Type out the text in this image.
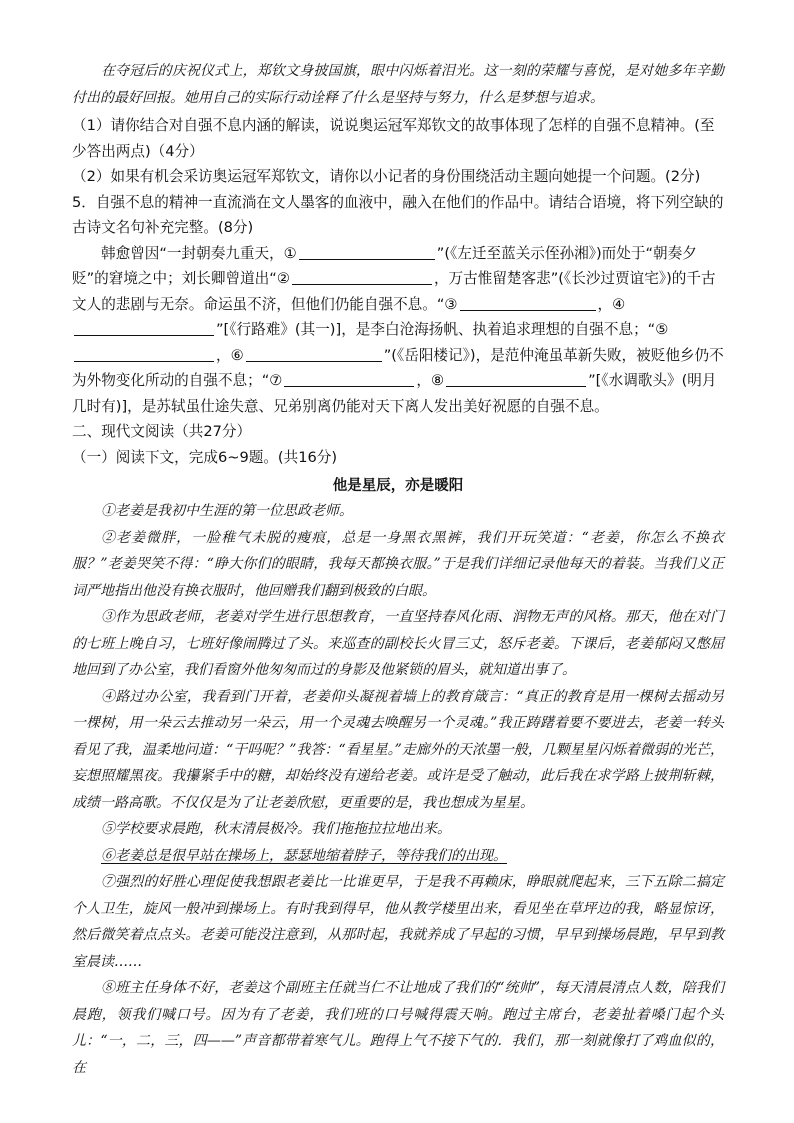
在夺冠后的庆祝仪式上，郑钦文身披国旗，眼中闪烁着泪光。这一刻的荣耀与喜悦，是对她多年辛勤付出的最好回报。她用自己的实际行动诠释了什么是坚持与努力，什么是梦想与追求。

（1）请你结合对自强不息内涵的解读，说说奥运冠军郑钦文的故事体现了怎样的自强不息精神。(至少答出两点)（4分）

（2）如果有机会采访奥运冠军郑钦文，请你以小记者的身份围绕活动主题向她提一个问题。(2分)

5．自强不息的精神一直流淌在文人墨客的血液中，融入在他们的作品中。请结合语境，将下列空缺的古诗文名句补充完整。(8分)

韩愈曾因“一封朝奏九重天，①	”(《左迁至蓝关示侄孙湘》)而处于“朝奏夕贬”的窘境之中；刘长卿曾道出“②	，万古惟留楚客悲”(《长沙过贾谊宅》)的千古文人的悲剧与无奈。命运虽不济，但他们仍能自强不息。“③	，④”[《行路难》(其一)]，是李白沧海扬帆、执着追求理想的自强不息；“⑤，⑥	”(《岳阳楼记》)，是范仲淹虽革新失败，被贬他乡仍不为外物变化所动的自强不息；“⑦	，⑧	”[《水调歌头》(明月几时有)]，是苏轼虽仕途失意、兄弟别离仍能对天下离人发出美好祝愿的自强不息。

二、现代文阅读（共27分）

（一）阅读下文，完成6~9题。(共16分)

他是星辰，亦是暖阳

①老姜是我初中生涯的第一位思政老师。

②老姜微胖，一脸稚气未脱的瘦痕，总是一身黑衣黑裤，我们开玩笑道：“老姜，你怎么不换衣服？”老姜哭笑不得：“睁大你们的眼睛，我每天都换衣服。”于是我们详细记录他每天的着装。当我们义正词严地指出他没有换衣服时，他回赠我们翻到极致的白眼。

③作为思政老师，老姜对学生进行思想教育，一直坚持春风化雨、润物无声的风格。那天，他在对门的七班上晚自习，七班好像闹腾过了头。来巡查的副校长火冒三丈，怒斥老姜。下课后，老姜郁闷又憋屈地回到了办公室，我们看窗外他匆匆而过的身影及他紧锁的眉头，就知道出事了。

④路过办公室，我看到门开着，老姜仰头凝视着墙上的教育箴言：“真正的教育是用一棵树去摇动另一棵树，用一朵云去推动另一朵云，用一个灵魂去唤醒另一个灵魂。”我正踌躇着要不要进去，老姜一转头看见了我，温柔地问道：“干吗呢？”我答：“看星星。”走廊外的天浓墨一般，几颗星星闪烁着微弱的光芒，妄想照耀黑夜。我攥紧手中的糖，却始终没有递给老姜。或许是受了触动，此后我在求学路上披荆斩棘，成绩一路高歌。不仅仅是为了让老姜欣慰，更重要的是，我也想成为星星。

⑤学校要求晨跑，秋末清晨极冷。我们拖拖拉拉地出来。

⑥老姜总是很早站在操场上，瑟瑟地缩着脖子，等待我们的出现。

⑦强烈的好胜心理促使我想跟老姜比一比谁更早，于是我不再赖床，睁眼就爬起来，三下五除二搞定个人卫生，旋风一般冲到操场上。有时我到得早，他从教学楼里出来，看见坐在草坪边的我，略显惊讶，然后微笑着点点头。老姜可能没注意到，从那时起，我就养成了早起的习惯，早早到操场晨跑，早早到教室晨读……

⑧班主任身体不好，老姜这个副班主任就当仁不让地成了我们的“统帅”，每天清晨清点人数，陪我们晨跑，领我们喊口号。因为有了老姜，我们班的口号喊得震天响。跑过主席台，老姜扯着嗓门起个头儿：“一，二，三，四——”声音都带着寒气儿。跑得上气不接下气的．我们，那一刻就像打了鸡血似的，在
